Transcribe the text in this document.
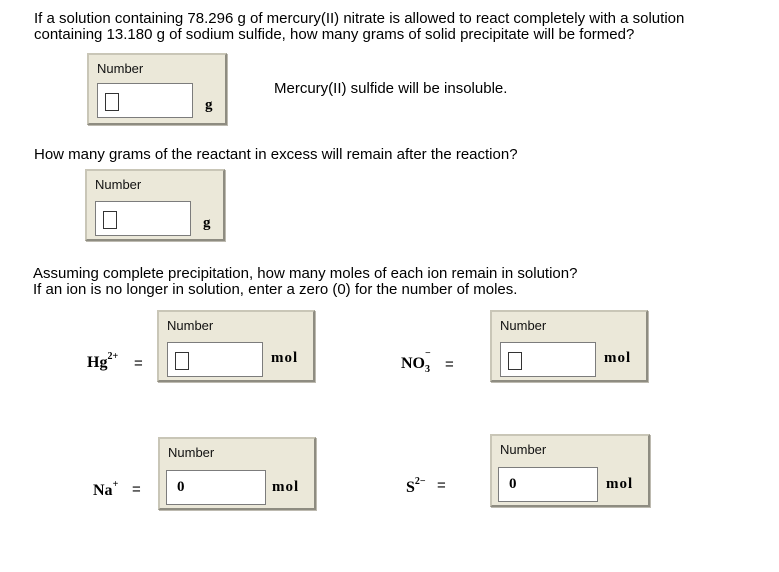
If a solution containing 78.296 g of mercury(II) nitrate is allowed to react completely with a solution
containing 13.180 g of sodium sulfide, how many grams of solid precipitate will be formed?

Number
g
Mercury(II) sulfide will be insoluble.

How many grams of the reactant in excess will remain after the reaction?

Number
g

Assuming complete precipitation, how many moles of each ion remain in solution?
If an ion is no longer in solution, enter a zero (0) for the number of moles.

$Hg^{2+}$ =
Number
mol	NO
−
3 =
Number
mol
Na+ =
Number
0	mol	$S^{2-}$ =
Number
0	mol
